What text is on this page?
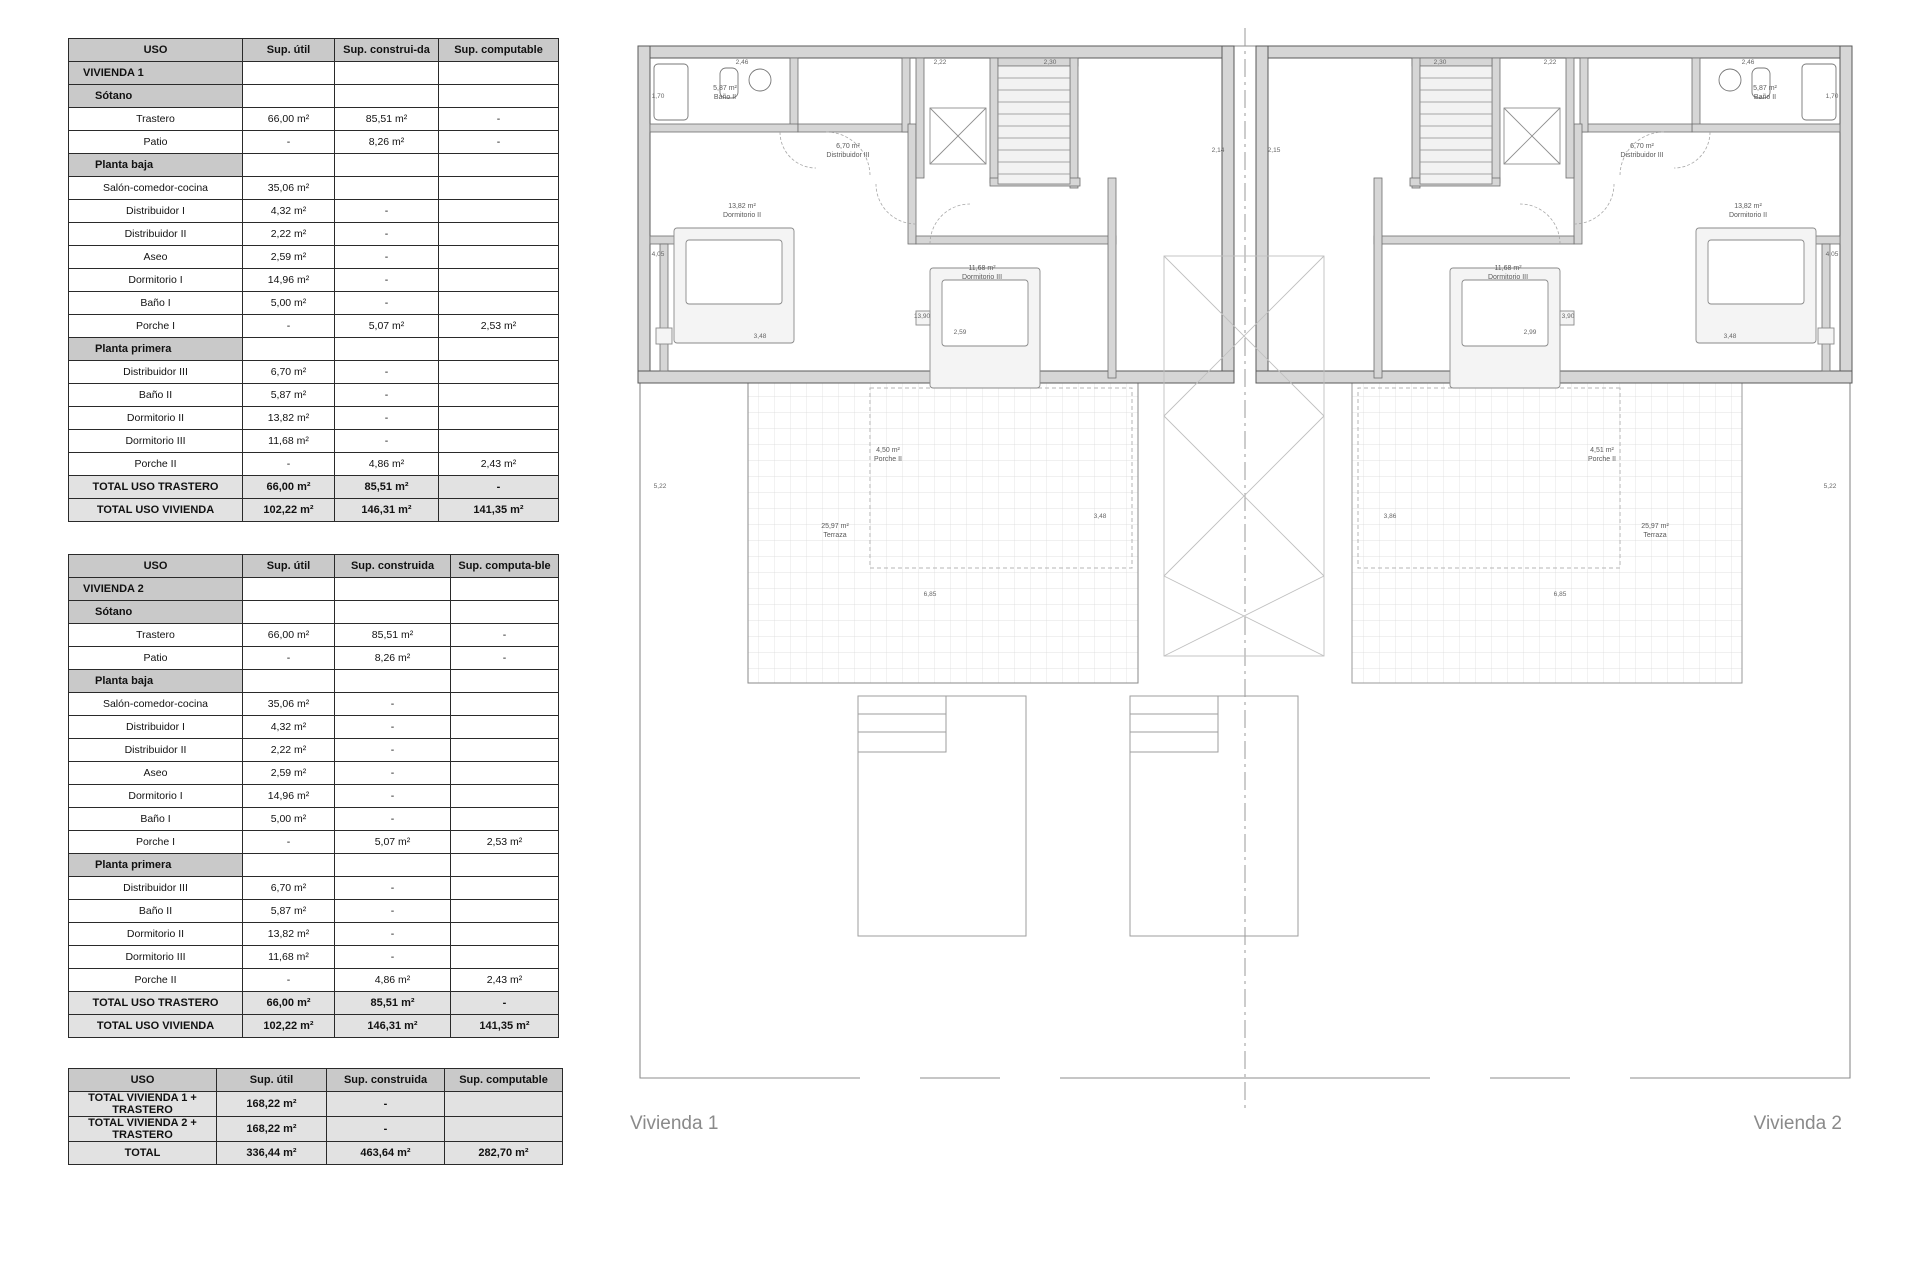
USO	Sup. útil	Sup. construi-da	Sup. computable
VIVIENDA 1			
Sótano			
Trastero	66,00 m²	85,51 m²	-
Patio	-	8,26 m²	-
Planta baja			
Salón-comedor-cocina	35,06 m²		
Distribuidor I	4,32 m²	-	
Distribuidor II	2,22 m²	-	
Aseo	2,59 m²	-	
Dormitorio I	14,96 m²	-	
Baño I	5,00 m²	-	
Porche I	-	5,07 m²	2,53 m²
Planta primera			
Distribuidor III	6,70 m²	-	
Baño II	5,87 m²	-	
Dormitorio II	13,82 m²	-	
Dormitorio III	11,68 m²	-	
Porche II	-	4,86 m²	2,43 m²
TOTAL USO TRASTERO	66,00 m²	85,51 m²	-
TOTAL USO VIVIENDA	102,22 m²	146,31 m²	141,35 m²
USO	Sup. útil	Sup. construida	Sup. computa-ble
VIVIENDA 2			
Sótano			
Trastero	66,00 m²	85,51 m²	-
Patio	-	8,26 m²	-
Planta baja			
Salón-comedor-cocina	35,06 m²	-	
Distribuidor I	4,32 m²	-	
Distribuidor II	2,22 m²	-	
Aseo	2,59 m²	-	
Dormitorio I	14,96 m²	-	
Baño I	5,00 m²	-	
Porche I	-	5,07 m²	2,53 m²
Planta primera			
Distribuidor III	6,70 m²	-	
Baño II	5,87 m²	-	
Dormitorio II	13,82 m²	-	
Dormitorio III	11,68 m²	-	
Porche II	-	4,86 m²	2,43 m²
TOTAL USO TRASTERO	66,00 m²	85,51 m²	-
TOTAL USO VIVIENDA	102,22 m²	146,31 m²	141,35 m²
USO	Sup. útil	Sup. construida	Sup. computable
TOTAL VIVIENDA 1 + TRASTERO	168,22 m²	-	
TOTAL VIVIENDA 2 + TRASTERO	168,22 m²	-	
TOTAL	336,44 m²	463,64 m²	282,70 m²
5,87 m²
Baño II
6,70 m²
Distribuidor III
13,82 m²
Dormitorio II
11,68 m²
Dormitorio III
4,50 m²
Porche II
25,97 m²
Terraza
2,46	2,22	2,30
1,70
4,05
3,48
2,59
13,90
5,22
3,48
6,85
5,87 m²
Baño II
6,70 m²
Distribuidor III
13,82 m²
Dormitorio II
11,68 m²
Dormitorio III
4,51 m²
Porche II
25,97 m²
Terraza
2,46
2,22
2,30
1,70
4,05
3,48
2,99
3,90
5,22
3,86
6,85
2,14	2,15
Vivienda 1	Vivienda 2
